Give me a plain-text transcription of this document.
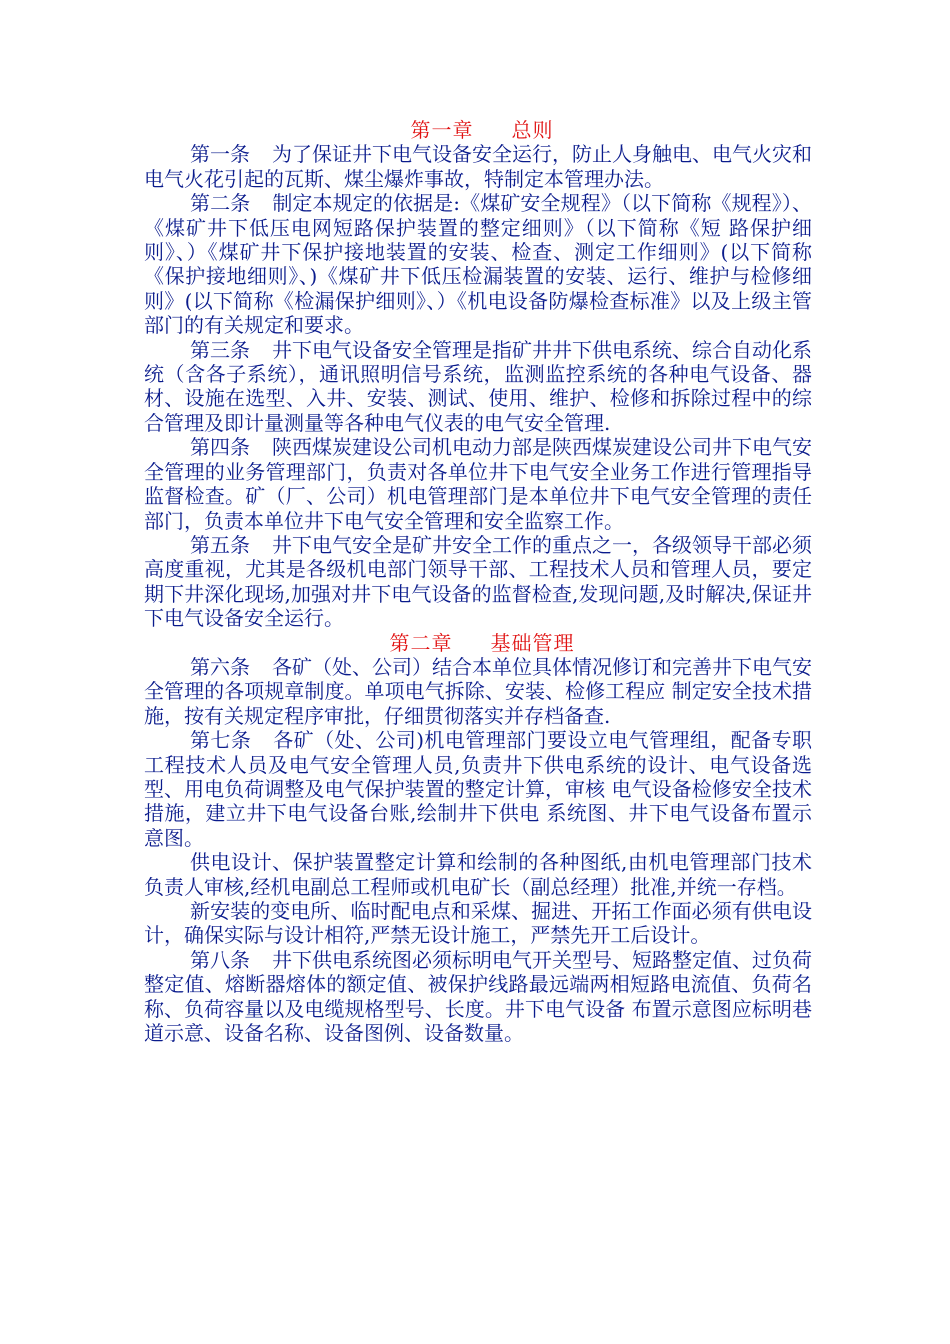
第一章 总则

第一条 为了保证井下电气设备安全运行，防止人身触电、电气火灾和电气火花引起的瓦斯、煤尘爆炸事故，特制定本管理办法。

第二条 制定本规定的依据是:《煤矿安全规程》（以下简称《规程》）、《煤矿井下低压电网短路保护装置的整定细则》（以下简称《短 路保护细则》、）《煤矿井下保护接地装置的安装、检查、测定工作细则》(以下简称《保护接地细则》、)《煤矿井下低压检漏装置的安装、运行、维护与检修细则》(以下简称《检漏保护细则》、）《机电设备防爆检查标准》以及上级主管部门的有关规定和要求。

第三条 井下电气设备安全管理是指矿井井下供电系统、综合自动化系统（含各子系统），通讯照明信号系统，监测监控系统的各种电气设备、器材、设施在选型、入井、安装、测试、使用、维护、检修和拆除过程中的综合管理及即计量测量等各种电气仪表的电气安全管理.

第四条 陕西煤炭建设公司机电动力部是陕西煤炭建设公司井下电气安全管理的业务管理部门，负责对各单位井下电气安全业务工作进行管理指导监督检查。矿（厂、公司）机电管理部门是本单位井下电气安全管理的责任部门，负责本单位井下电气安全管理和安全监察工作。

第五条 井下电气安全是矿井安全工作的重点之一，各级领导干部必须高度重视，尤其是各级机电部门领导干部、工程技术人员和管理人员，要定期下井深化现场,加强对井下电气设备的监督检查,发现问题,及时解决,保证井下电气设备安全运行。

第二章 基础管理

第六条 各矿（处、公司）结合本单位具体情况修订和完善井下电气安全管理的各项规章制度。单项电气拆除、安装、检修工程应 制定安全技术措施，按有关规定程序审批，仔细贯彻落实并存档备查.

第七条 各矿（处、公司)机电管理部门要设立电气管理组，配备专职工程技术人员及电气安全管理人员,负责井下供电系统的设计、电气设备选型、用电负荷调整及电气保护装置的整定计算，审核 电气设备检修安全技术措施，建立井下电气设备台账,绘制井下供电 系统图、井下电气设备布置示意图。

供电设计、保护装置整定计算和绘制的各种图纸,由机电管理部门技术负责人审核,经机电副总工程师或机电矿长（副总经理）批准,并统一存档。

新安装的变电所、临时配电点和采煤、掘进、开拓工作面必须有供电设计，确保实际与设计相符,严禁无设计施工，严禁先开工后设计。

第八条 井下供电系统图必须标明电气开关型号、短路整定值、过负荷整定值、熔断器熔体的额定值、被保护线路最远端两相短路电流值、负荷名称、负荷容量以及电缆规格型号、长度。井下电气设备 布置示意图应标明巷道示意、设备名称、设备图例、设备数量。
